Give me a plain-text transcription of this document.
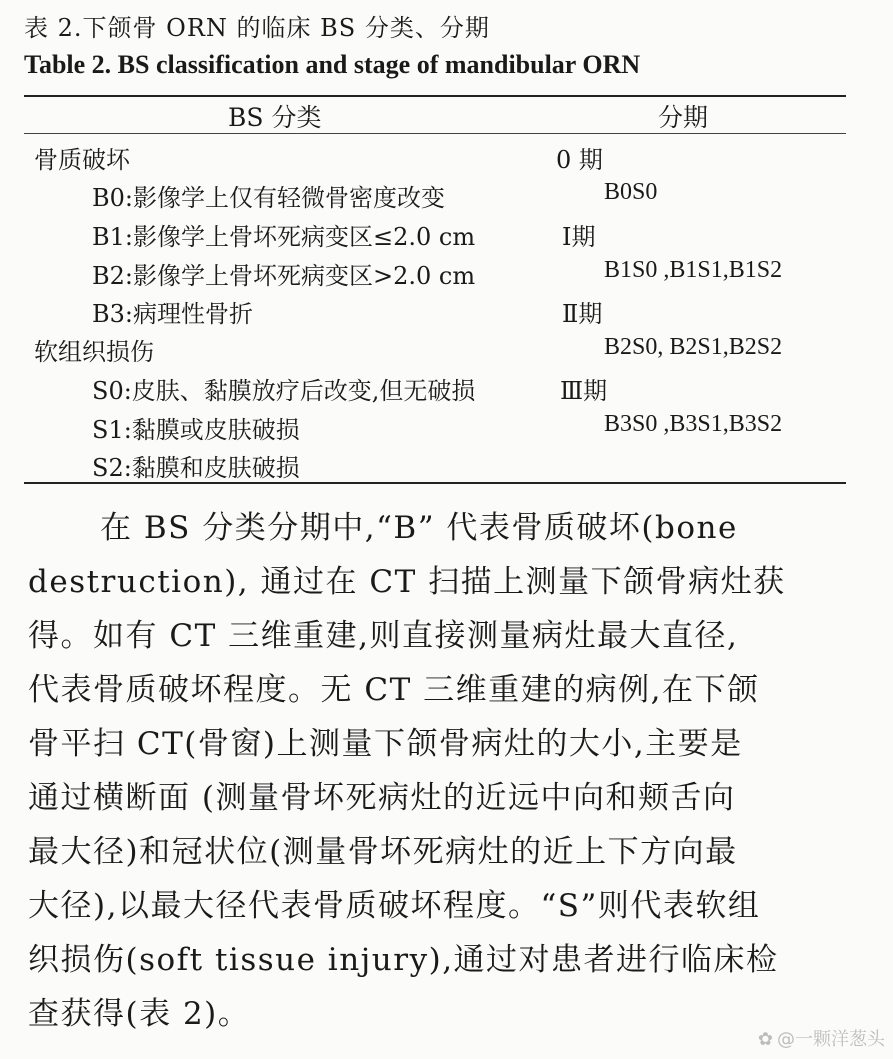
表 2.下颌骨 ORN 的临床 BS 分类、分期
Table 2. BS classification and stage of mandibular ORN
BS 分类	分期
骨质破坏
B0:影像学上仅有轻微骨密度改变
B1:影像学上骨坏死病变区≤2.0 cm
B2:影像学上骨坏死病变区>2.0 cm
B3:病理性骨折
软组织损伤
S0:皮肤、黏膜放疗后改变,但无破损
S1:黏膜或皮肤破损
S2:黏膜和皮肤破损
0 期
B0S0
Ⅰ期
B1S0 ,B1S1,B1S2
Ⅱ期
B2S0, B2S1,B2S2
Ⅲ期
B3S0 ,B3S1,B3S2
在 BS 分类分期中,“B” 代表骨质破坏(bone
destruction), 通过在 CT 扫描上测量下颌骨病灶获
得。如有 CT 三维重建,则直接测量病灶最大直径,
代表骨质破坏程度。无 CT 三维重建的病例,在下颌
骨平扫 CT(骨窗)上测量下颌骨病灶的大小,主要是
通过横断面 (测量骨坏死病灶的近远中向和颊舌向
最大径)和冠状位(测量骨坏死病灶的近上下方向最
大径),以最大径代表骨质破坏程度。“S”则代表软组
织损伤(soft tissue injury),通过对患者进行临床检
查获得(表 2)。
✿ @一颗洋葱头
